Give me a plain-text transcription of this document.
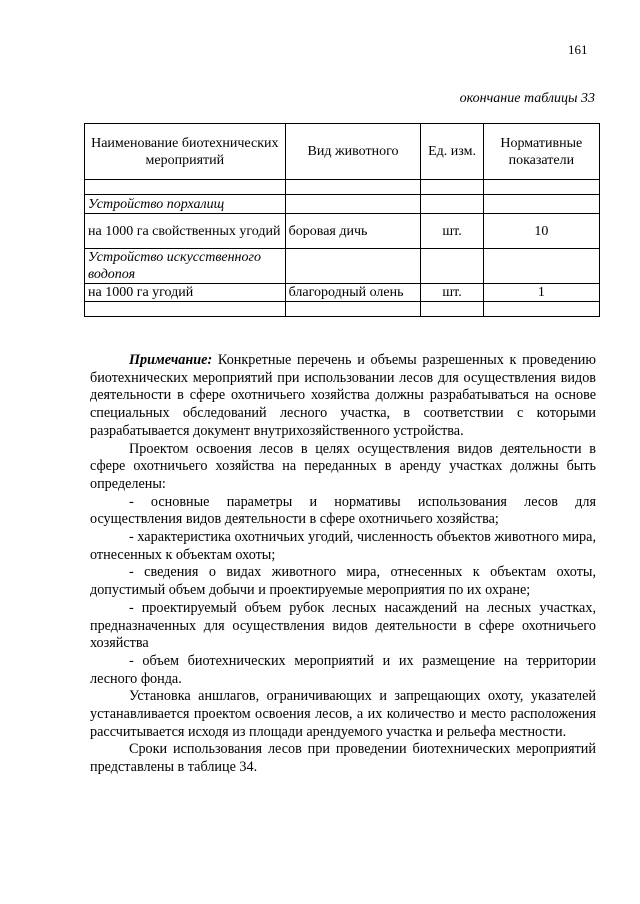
161
окончание таблицы 33
Наименование биотехнических мероприятий	Вид животного	Ед. изм.	Нормативные показатели

Устройство порхалищ			
на 1000 га свойственных угодий	боровая дичь	шт.	10
Устройство искусственного водопоя			
на 1000 га угодий	благородный олень	шт.	1

Примечание: Конкретные перечень и объемы разрешенных к проведению биотехнических мероприятий при использовании лесов для осуществления видов деятельности в сфере охотничьего хозяйства должны разрабатываться на основе специальных обследований лесного участка, в соответствии с которыми разрабатывается документ внутрихозяйственного устройства.

Проектом освоения лесов в целях осуществления видов деятельности в сфере охотничьего хозяйства на переданных в аренду участках должны быть определены:

- основные параметры и нормативы использования лесов для осуществления видов деятельности в сфере охотничьего хозяйства;

- характеристика охотничьих угодий, численность объектов животного мира, отнесенных к объектам охоты;

- сведения о видах животного мира, отнесенных к объектам охоты, допустимый объем добычи и проектируемые мероприятия по их охране;

- проектируемый объем рубок лесных насаждений на лесных участках, предназначенных для осуществления видов деятельности в сфере охотничьего хозяйства

- объем биотехнических мероприятий и их размещение на территории лесного фонда.

Установка аншлагов, ограничивающих и запрещающих охоту, указателей устанавливается проектом освоения лесов, а их количество и место расположения рассчитывается исходя из площади арендуемого участка и рельефа местности.

Сроки использования лесов при проведении биотехнических мероприятий представлены в таблице 34.
